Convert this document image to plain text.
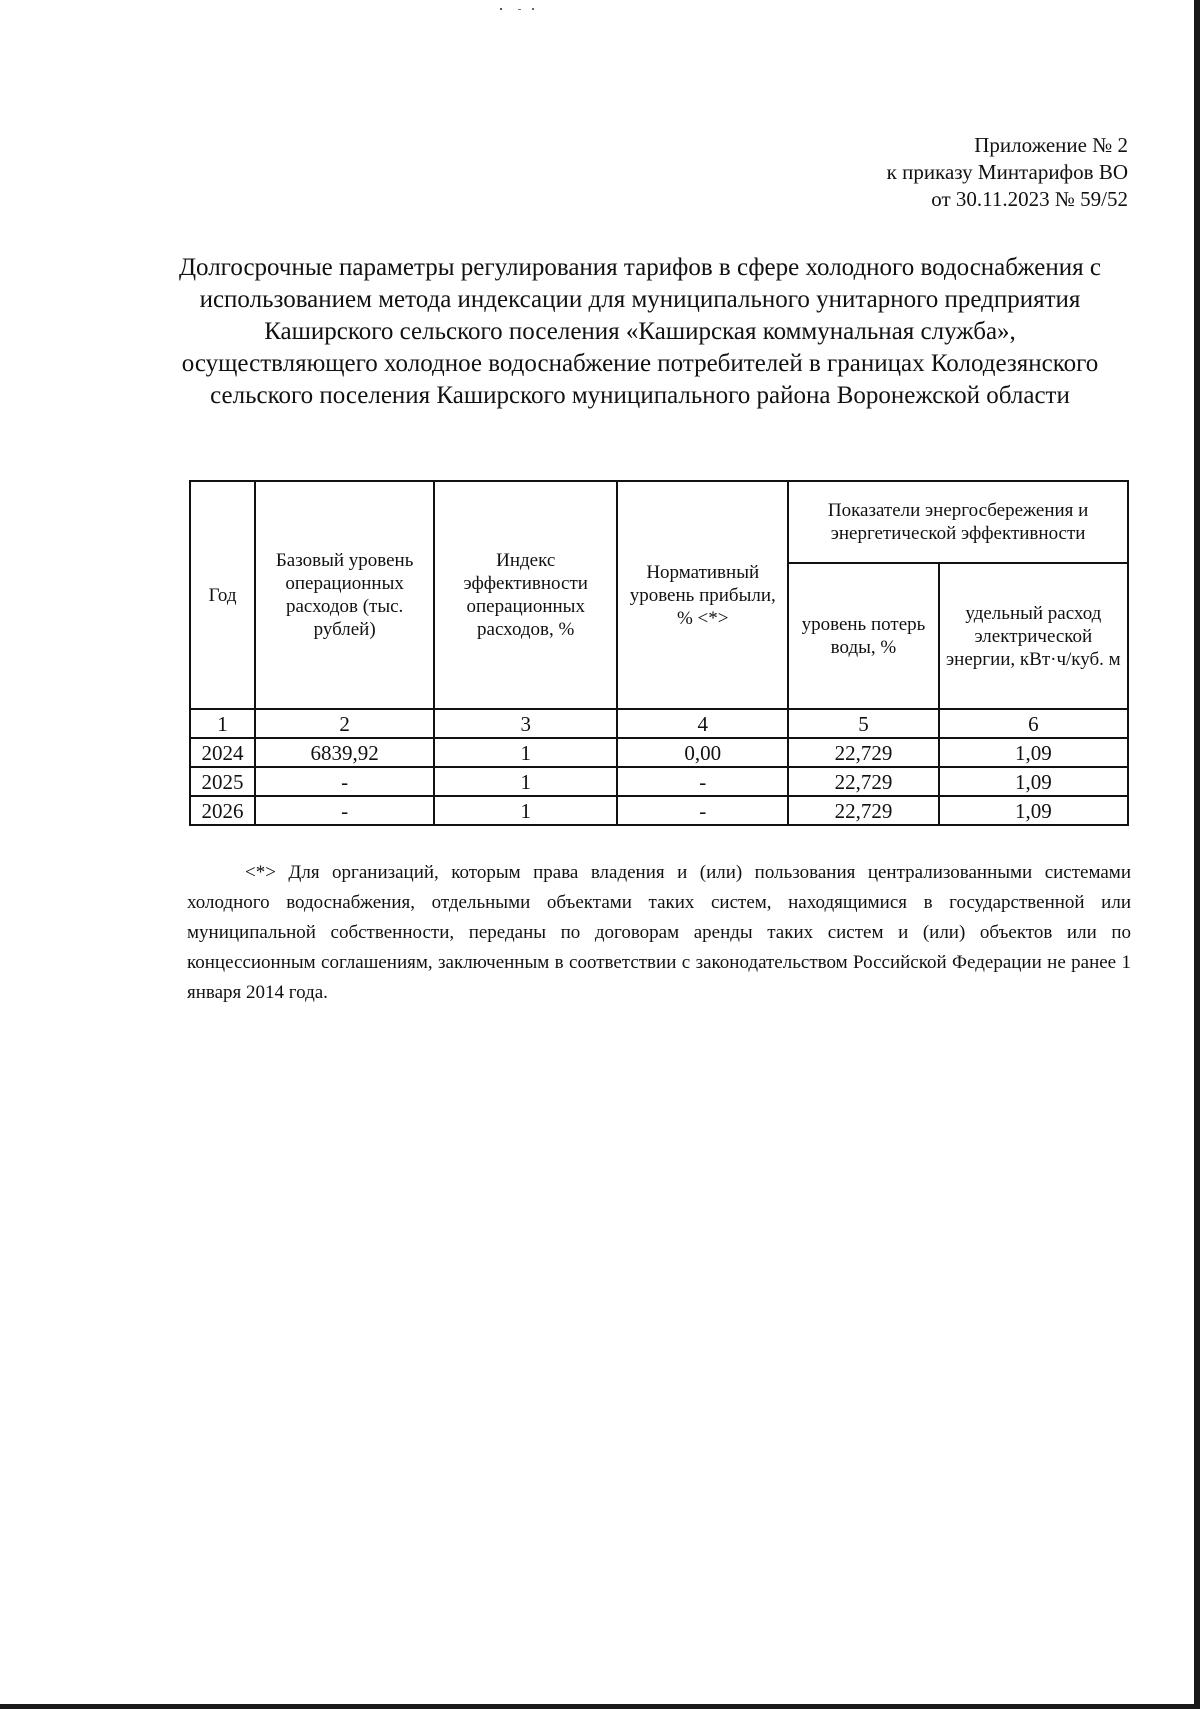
Приложение № 2
к приказу Минтарифов ВО
от 30.11.2023 № 59/52
Долгосрочные параметры регулирования тарифов в сфере холодного водоснабжения с использованием метода индексации для муниципального унитарного предприятия Каширского сельского поселения «Каширская коммунальная служба», осуществляющего холодное водоснабжение потребителей в границах Колодезянского сельского поселения Каширского муниципального района Воронежской области
Год	Базовый уровень операционных расходов (тыс. рублей)	Индекс эффективности операционных расходов, %	Нормативный уровень прибыли, % <*>	Показатели энергосбережения и энергетической эффективности	
				уровень потерь воды, %	удельный расход электрической энергии, кВт·ч/куб. м
1	2	3	4	5	6
2024	6839,92	1	0,00	22,729	1,09
2025	-	1	-	22,729	1,09
2026	-	1	-	22,729	1,09
<*> Для организаций, которым права владения и (или) пользования централизованными системами холодного водоснабжения, отдельными объектами таких систем, находящимися в государственной или муниципальной собственности, переданы по договорам аренды таких систем и (или) объектов или по концессионным соглашениям, заключенным в соответствии с законодательством Российской Федерации не ранее 1 января 2014 года.
